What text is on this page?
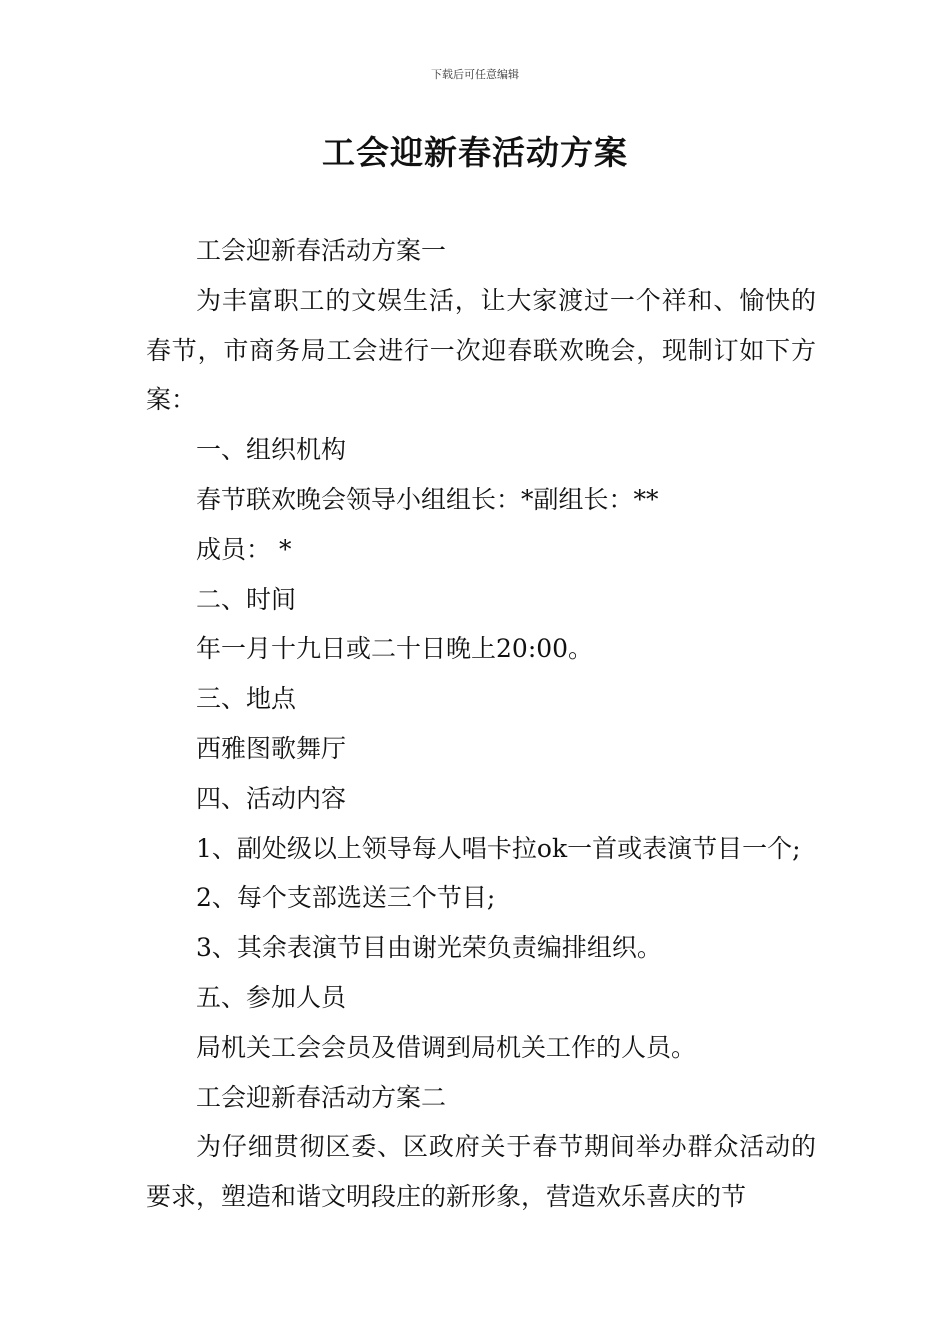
下载后可任意编辑
工会迎新春活动方案

工会迎新春活动方案一

为丰富职工的文娱生活，让大家渡过一个祥和、愉快的春节，市商务局工会进行一次迎春联欢晚会，现制订如下方案：

一、组织机构

春节联欢晚会领导小组组长：*副组长：**

成员： *

二、时间

年一月十九日或二十日晚上20:00。

三、地点

西雅图歌舞厅

四、活动内容

1、副处级以上领导每人唱卡拉ok一首或表演节目一个;

2、每个支部选送三个节目;

3、其余表演节目由谢光荣负责编排组织。

五、参加人员

局机关工会会员及借调到局机关工作的人员。

工会迎新春活动方案二

为仔细贯彻区委、区政府关于春节期间举办群众活动的要求，塑造和谐文明段庄的新形象，营造欢乐喜庆的节
